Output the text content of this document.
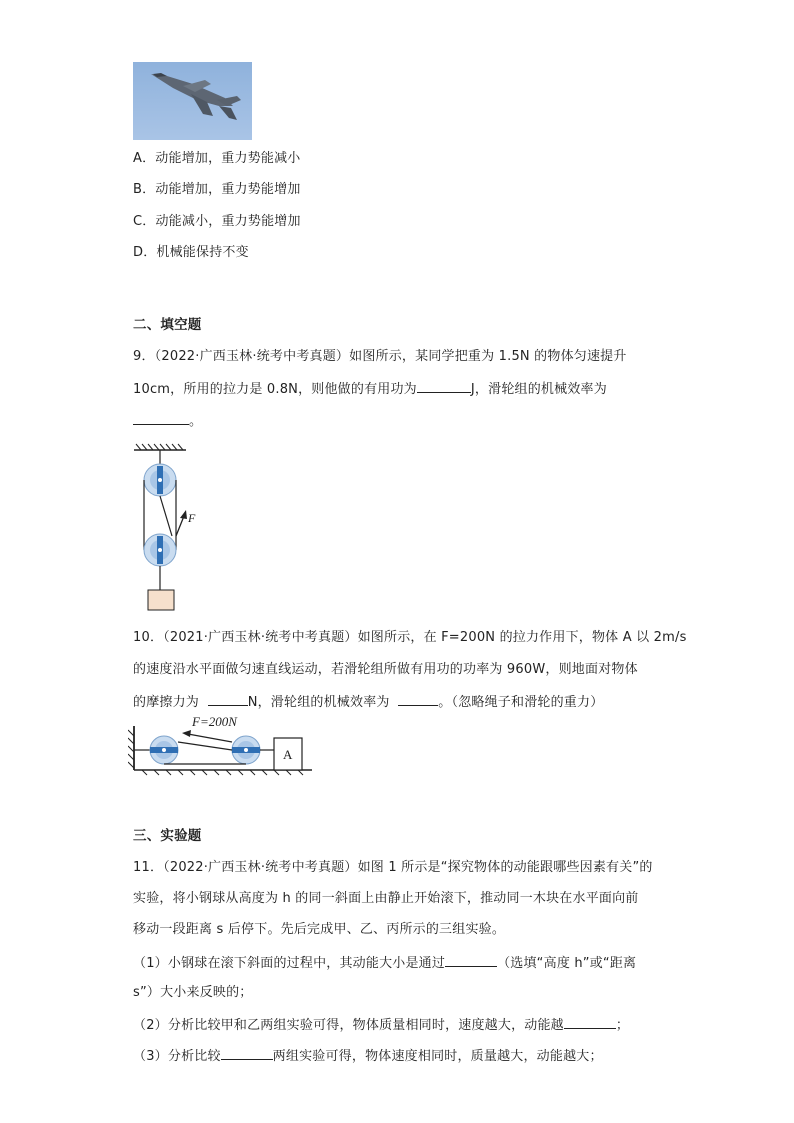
A．动能增加，重力势能减小
B．动能增加，重力势能增加
C．动能减小，重力势能增加
D．机械能保持不变
二、填空题
9．（2022·广西玉林·统考中考真题）如图所示，某同学把重为 1.5N 的物体匀速提升
10cm，所用的拉力是 0.8N，则他做的有用功为	J，滑轮组的机械效率为
。
F
10．（2021·广西玉林·统考中考真题）如图所示，在 F=200N 的拉力作用下，物体 A 以 2m/s
的速度沿水平面做匀速直线运动，若滑轮组所做有用功的功率为 960W，则地面对物体
的摩擦力为	N，滑轮组的机械效率为	。（忽略绳子和滑轮的重力）
F=200N
A
三、实验题
11．（2022·广西玉林·统考中考真题）如图 1 所示是“探究物体的动能跟哪些因素有关”的
实验，将小钢球从高度为 h 的同一斜面上由静止开始滚下，推动同一木块在水平面向前
移动一段距离 s 后停下。先后完成甲、乙、丙所示的三组实验。
（1）小钢球在滚下斜面的过程中，其动能大小是通过	（选填“高度 h”或“距离
s”）大小来反映的；
（2）分析比较甲和乙两组实验可得，物体质量相同时，速度越大，动能越	；
（3）分析比较	两组实验可得，物体速度相同时，质量越大，动能越大；
